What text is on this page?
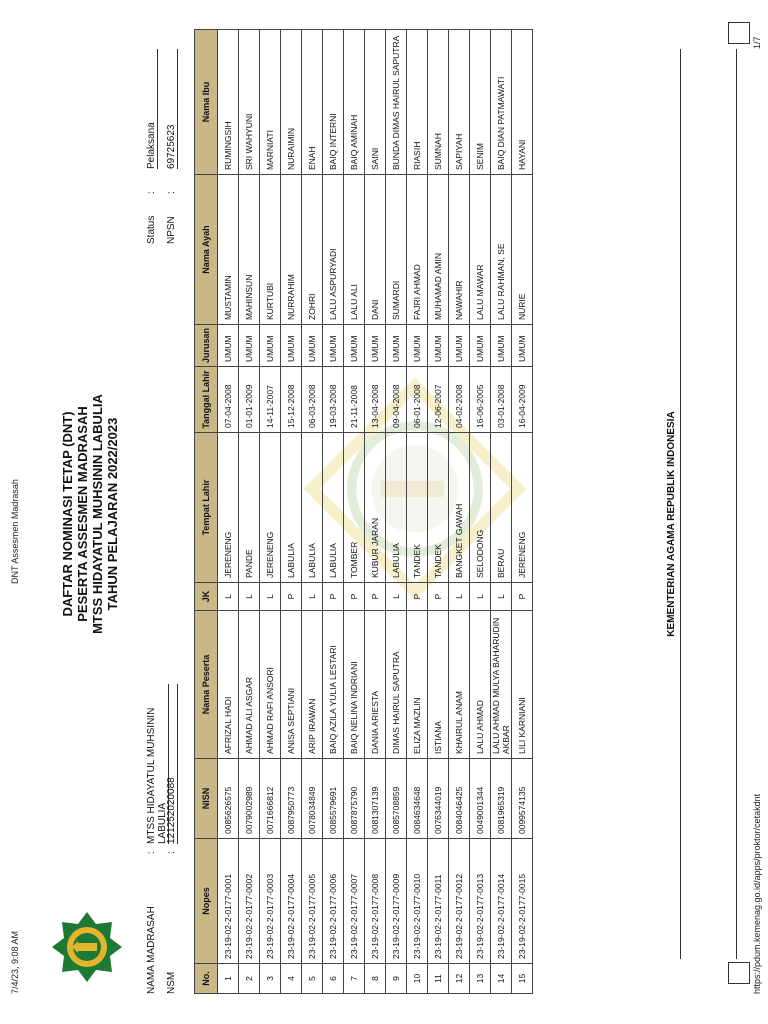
7/4/23, 9:08 AM
DNT Assesmen Madrasah	DAFTAR NOMINASI TETAP (DNT) PESERTA ASSESMEN MADRASAH MTSS HIDAYATUL MUHSININ LABULIA TAHUN PELAJARAN 2022/2023
NAMA MADRASAH
:
MTSS HIDAYATUL MUHSININ LABULIA
NSM
:
121252020088
Status
:
Pelaksana
NPSN
:
69725623
No.	Nopes	NISN	Nama Peserta	JK	Tempat Lahir	Tanggal Lahir	Jurusan	Nama Ayah	Nama Ibu
1	23-19-02-2-0177-0001	0085626575	AFRIZAL HADI	L	JERENENG	07-04-2008	UMUM	MUSTAMIN	RUMINGSIH
2	23-19-02-2-0177-0002	0079002989	AHMAD ALI ASGAR	L	PANDE	01-01-2009	UMUM	MAHINSUN	SRI WAHYUNI
3	23-19-02-2-0177-0003	0071666812	AHMAD RAFI ANSORI	L	JERENENG	14-11-2007	UMUM	KURTUBI	MARNIATI
4	23-19-02-2-0177-0004	0087950773	ANISA SEPTIANI	P	LABULIA	15-12-2008	UMUM	NURRAHIM	NURAIMIN
5	23-19-02-2-0177-0005	0078034849	ARIP IRAWAN	L	LABULIA	06-03-2008	UMUM	ZOHRI	ENAH
6	23-19-02-2-0177-0006	0085579691	BAIQ AZILA YULIA LESTARI	P	LABULIA	19-03-2008	UMUM	LALU ASPURYADI	BAIQ INTERNI
7	23-19-02-2-0177-0007	0087875790	BAIQ NELINA INDRIANI	P	TOMBER	21-11-2008	UMUM	LALU ALI	BAIQ AMINAH
8	23-19-02-2-0177-0008	0081307139	DANIA ARIESTA	P	KUBUR JARAN	13-04-2008	UMUM	DANI	SAINI
9	23-19-02-2-0177-0009	0085708859	DIMAS HAIRUL SAPUTRA	L	LABULIA	09-04-2008	UMUM	SUMARDI	BUNDA DIMAS HAIRUL SAPUTRA
10	23-19-02-2-0177-0010	0084634648	ELIZA MAZLIN	P	TANDEK	06-01-2008	UMUM	FAJRI AHMAD	RIASIH
11	23-19-02-2-0177-0011	0076344019	ISTIANA	P	TANDEK	12-06-2007	UMUM	MUHAMAD AMIN	SUMNAH
12	23-19-02-2-0177-0012	0084046425	KHAIRUL ANAM	L	BANGKET GAWAH	04-02-2008	UMUM	NAWAHIR	SAPIYAH
13	23-19-02-2-0177-0013	0049001344	LALU AHMAD	L	SELODONG	16-06-2005	UMUM	LALU MAWAR	SENIM
14	23-19-02-2-0177-0014	0081965319	LALU AHMAD MULYA BAHARUDIN AKBAR	L	BERAU	03-01-2008	UMUM	LALU RAHMAN, SE	BAIQ DIAN PATMAWATI
15	23-19-02-2-0177-0015	0099574135	LILI KARNIANI	P	JERENENG	16-04-2009	UMUM	NURIE	HAYANI
KEMENTERIAN AGAMA REPUBLIK INDONESIA
https://pdum.kemenag.go.id/apps/proktor/cetakdnt
1/7
